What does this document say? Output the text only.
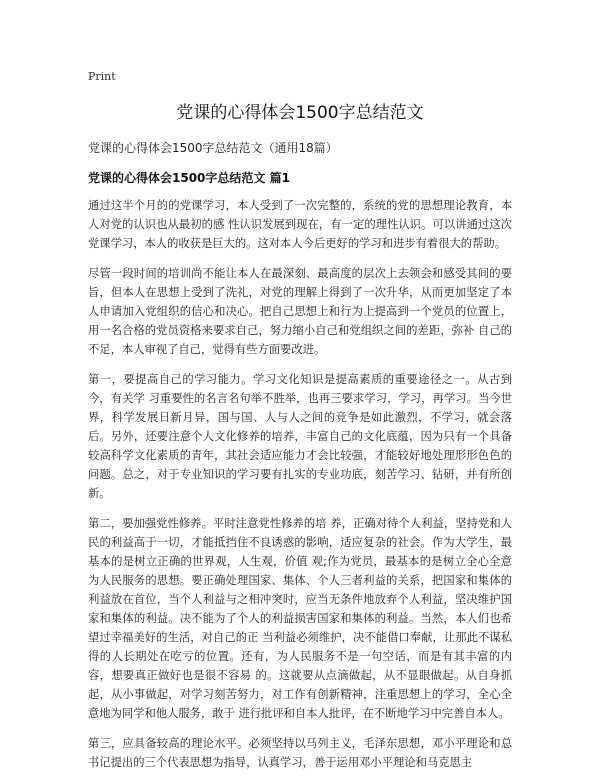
Print
党课的心得体会1500字总结范文
党课的心得体会1500字总结范文（通用18篇）
党课的心得体会1500字总结范文 篇1

通过这半个月的的党课学习，本人受到了一次完整的，系统的党的思想理论教育，本人对党的认识也从最初的感 性认识发展到现在，有一定的理性认识。可以讲通过这次党课学习，本人的收获是巨大的。这对本人今后更好的学习和进步有着很大的帮助。

尽管一段时间的培训尚不能让本人在最深刻、最高度的层次上去领会和感受其间的要旨，但本人在思想上受到了洗礼，对党的理解上得到了一次升华，从而更加坚定了本人申请加入党组织的信心和决心。把自己思想上和行为上提高到一个党员的位置上，用一名合格的党员资格来要求自己，努力缩小自己和党组织之间的差距，弥补 自己的不足，本人审视了自己，觉得有些方面要改进。

第一，要提高自己的学习能力。学习文化知识是提高素质的重要途径之一。从古到今，有关学 习重要性的名言名句举不胜举，也再三要求学习，学习，再学习。当今世界，科学发展日新月异，国与国、人与人之间的竞争是如此激烈，不学习，就会落后。另外，还要注意个人文化修养的培养，丰富自己的文化底蕴，因为只有一个具备较高科学文化素质的青年，其社会适应能力才会比较强，才能较好地处理形形色色的问题。总之，对于专业知识的学习要有扎实的专业功底，刻苦学习、钻研，并有所创新。

第二，要加强党性修养。平时注意党性修养的培 养，正确对待个人利益，坚持党和人民的利益高于一切，才能抵挡住不良诱惑的影响，适应复杂的社会。作为大学生，最基本的是树立正确的世界观，人生观，价值 观;作为党员，最基本的是树立全心全意为人民服务的思想。要正确处理国家、集体、个人三者利益的关系，把国家和集体的利益放在首位，当个人利益与之相冲突时，应当无条件地放弃个人利益，坚决维护国家和集体的利益。决不能为了个人的利益损害国家和集体的利益。当然，本人们也希望过幸福美好的生活，对自己的正 当利益必须维护，决不能借口奉献，让那此不谋私得的人长期处在吃亏的位置。还有，为人民服务不是一句空话，而是有其丰富的内容，想要真正做好也是很不容易 的。这就要从点滴做起，从不显眼做起。从自身抓起，从小事做起，对学习刻苦努力，对工作有创新精神，注重思想上的学习，全心全意地为同学和他人服务，敢于 进行批评和自本人批评，在不断地学习中完善自本人。

第三，应具备较高的理论水平。必须坚持以马列主义，毛泽东思想，邓小平理论和总 书记提出的三个代表思想为指导，认真学习，善于运用邓小平理论和马克思主
